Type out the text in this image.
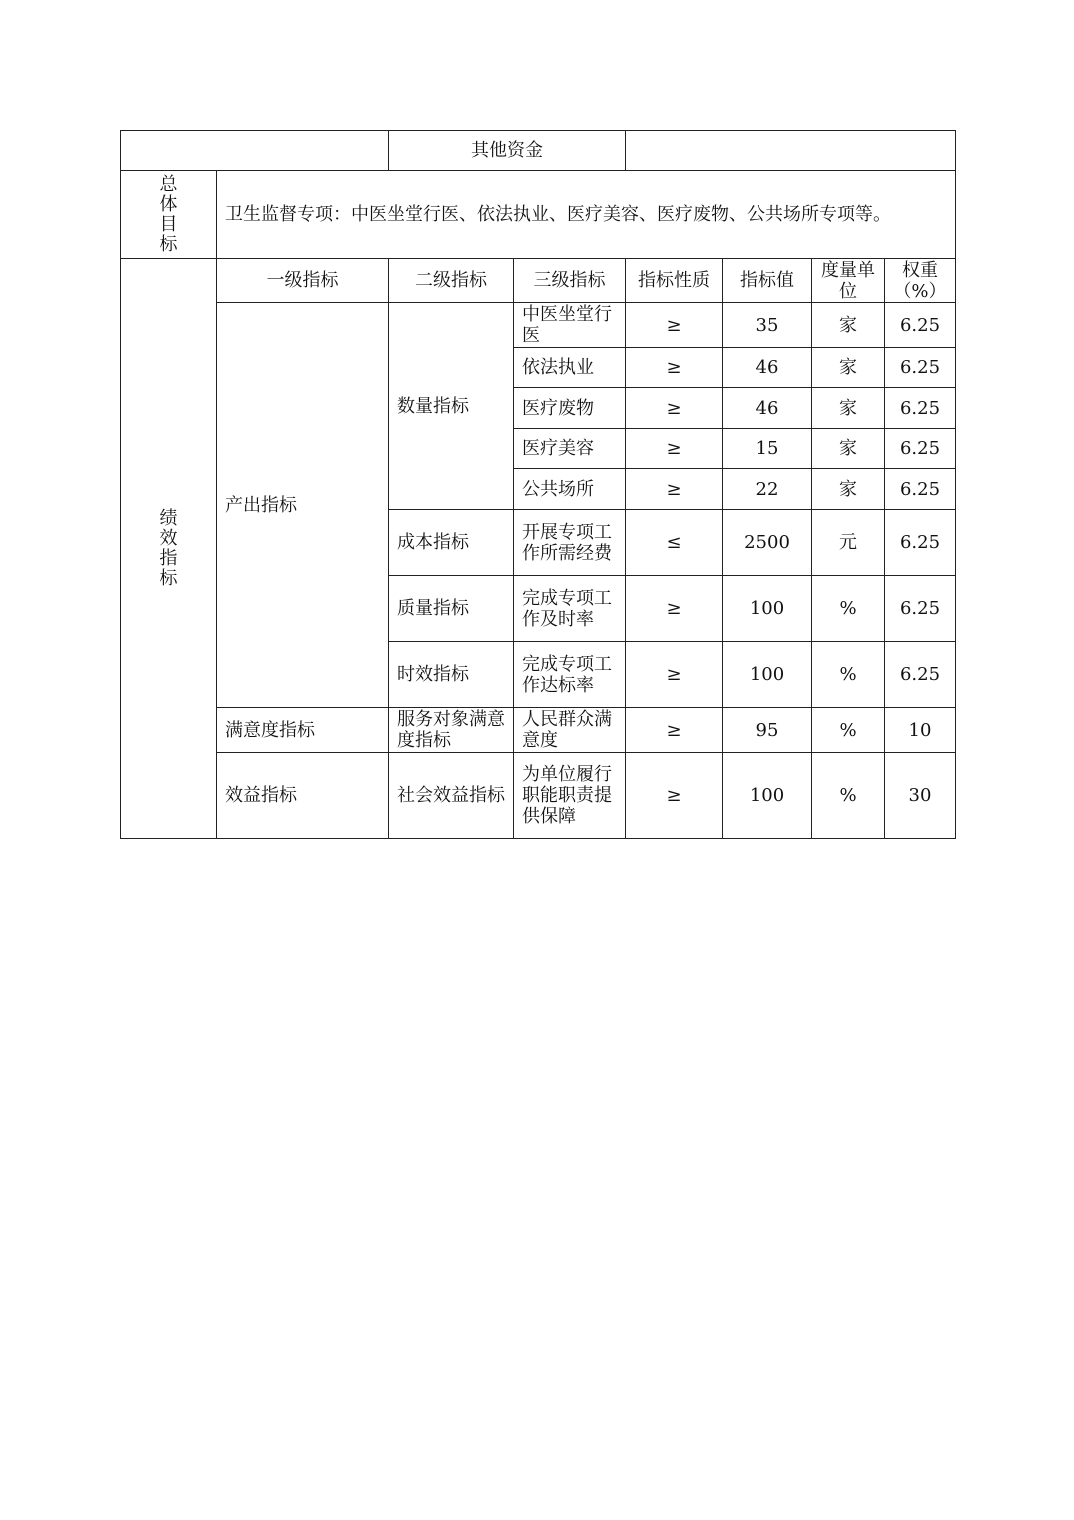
		其他资金					
总体目标	卫生监督专项：中医坐堂行医、依法执业、医疗美容、医疗废物、公共场所专项等。						
绩效指标	一级指标	二级指标	三级指标	指标性质	指标值	度量单位	权重（%）
	产出指标	数量指标	中医坐堂行医	≥	35	家	6.25
			依法执业	≥	46	家	6.25
			医疗废物	≥	46	家	6.25
			医疗美容	≥	15	家	6.25
			公共场所	≥	22	家	6.25
		成本指标	开展专项工作所需经费	≤	2500	元	6.25
		质量指标	完成专项工作及时率	≥	100	%	6.25
		时效指标	完成专项工作达标率	≥	100	%	6.25
	满意度指标	服务对象满意度指标	人民群众满意度	≥	95	%	10
	效益指标	社会效益指标	为单位履行职能职责提供保障	≥	100	%	30
